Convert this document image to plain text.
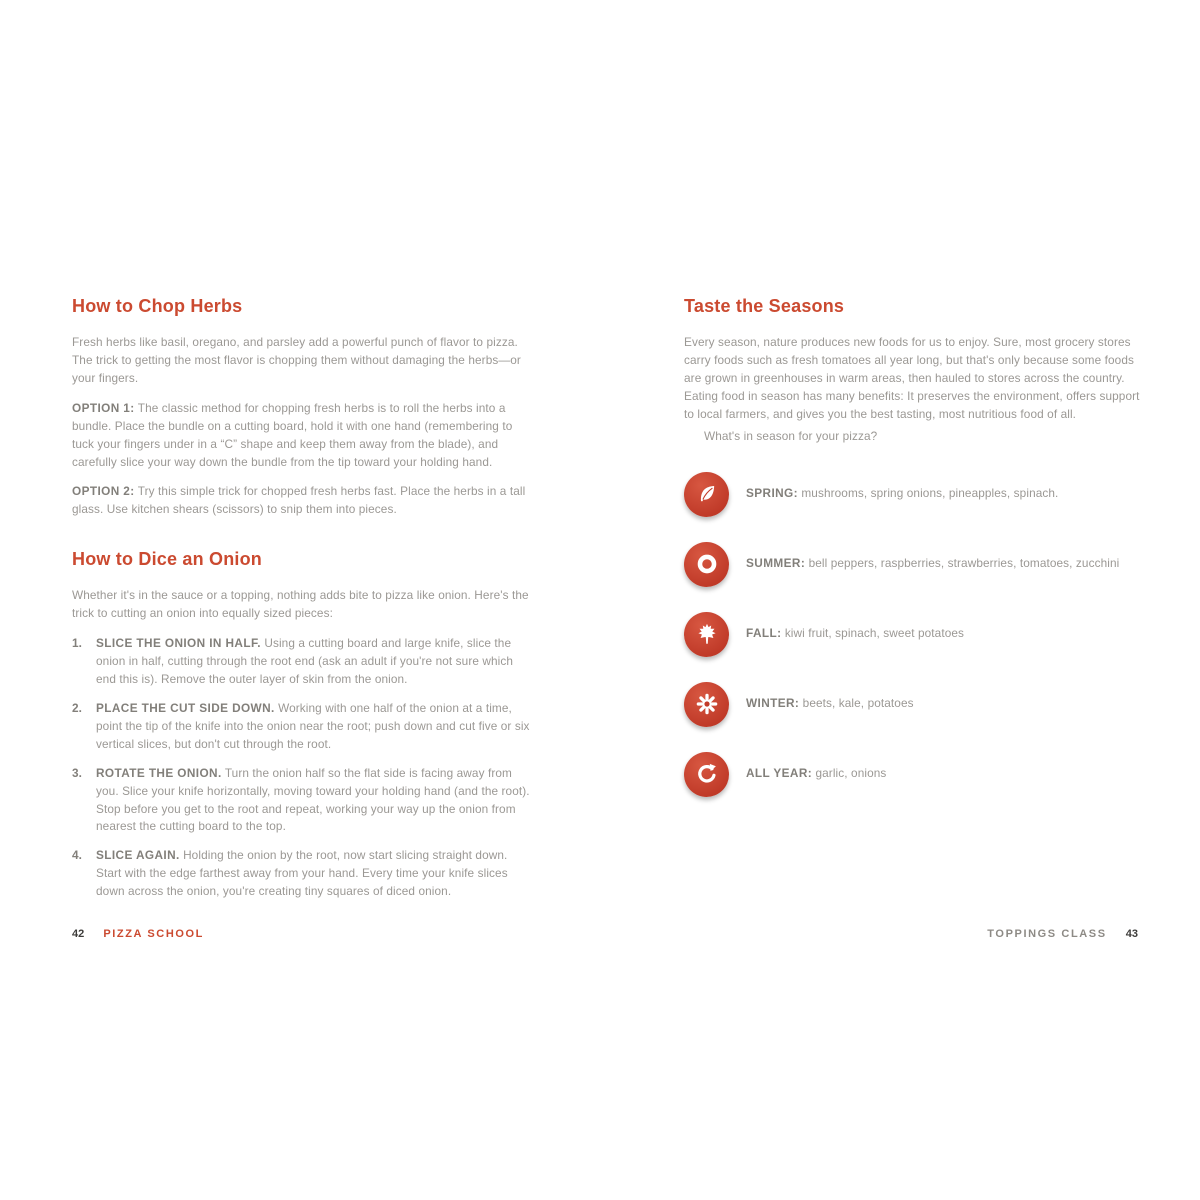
How to Chop Herbs

Fresh herbs like basil, oregano, and parsley add a powerful punch of flavor to pizza. The trick to getting the most flavor is chopping them without damaging the herbs—or your fingers.

OPTION 1: The classic method for chopping fresh herbs is to roll the herbs into a bundle. Place the bundle on a cutting board, hold it with one hand (remembering to tuck your fingers under in a “C” shape and keep them away from the blade), and carefully slice your way down the bundle from the tip toward your holding hand.

OPTION 2: Try this simple trick for chopped fresh herbs fast. Place the herbs in a tall glass. Use kitchen shears (scissors) to snip them into pieces.

How to Dice an Onion

Whether it's in the sauce or a topping, nothing adds bite to pizza like onion. Here's the trick to cutting an onion into equally sized pieces:

1.	SLICE THE ONION IN HALF. Using a cutting board and large knife, slice the onion in half, cutting through the root end (ask an adult if you're not sure which end this is). Remove the outer layer of skin from the onion.
2.	PLACE THE CUT SIDE DOWN. Working with one half of the onion at a time, point the tip of the knife into the onion near the root; push down and cut five or six vertical slices, but don't cut through the root.
3.	ROTATE THE ONION. Turn the onion half so the flat side is facing away from you. Slice your knife horizontally, moving toward your holding hand (and the root). Stop before you get to the root and repeat, working your way up the onion from nearest the cutting board to the top.
4.	SLICE AGAIN. Holding the onion by the root, now start slicing straight down. Start with the edge farthest away from your hand. Every time your knife slices down across the onion, you're creating tiny squares of diced onion.
Taste the Seasons

Every season, nature produces new foods for us to enjoy. Sure, most grocery stores carry foods such as fresh tomatoes all year long, but that's only because some foods are grown in greenhouses in warm areas, then hauled to stores across the country. Eating food in season has many benefits: It preserves the environment, offers support to local farmers, and gives you the best tasting, most nutritious food of all.

What's in season for your pizza?

SPRING: mushrooms, spring onions, pineapples, spinach.
SUMMER: bell peppers, raspberries, strawberries, tomatoes, zucchini
FALL: kiwi fruit, spinach, sweet potatoes
WINTER: beets, kale, potatoes
ALL YEAR: garlic, onions
42 PIZZA SCHOOL	TOPPINGS CLASS 43
